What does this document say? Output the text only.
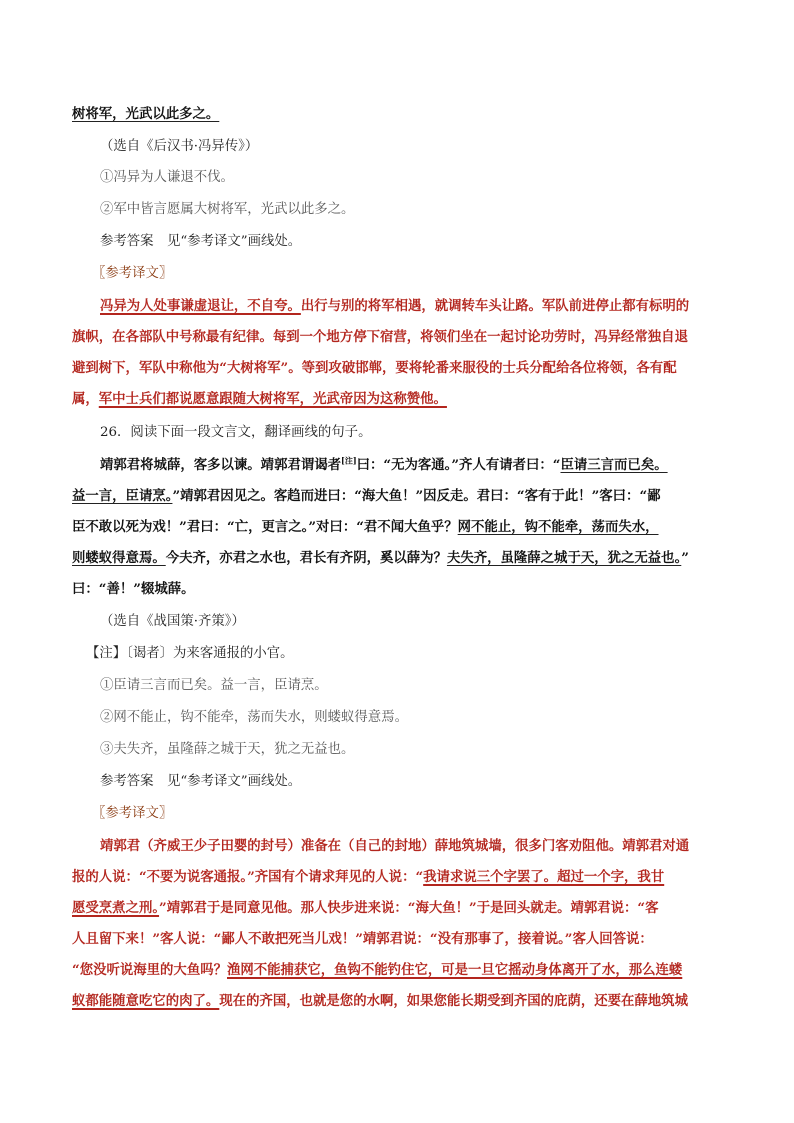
树将军，光武以此多之。
（选自《后汉书·冯异传》）
①冯异为人谦退不伐。
②军中皆言愿属大树将军，光武以此多之。
参考答案　见“参考译文”画线处。
〖参考译文〗
冯异为人处事谦虚退让，不自夸。出行与别的将军相遇，就调转车头让路。军队前进停止都有标明的
旗帜，在各部队中号称最有纪律。每到一个地方停下宿营，将领们坐在一起讨论功劳时，冯异经常独自退
避到树下，军队中称他为“大树将军”。等到攻破邯郸，要将轮番来服役的士兵分配给各位将领，各有配
属，军中士兵们都说愿意跟随大树将军，光武帝因为这称赞他。
26．阅读下面一段文言文，翻译画线的句子。
靖郭君将城薛，客多以谏。靖郭君谓谒者[注]曰：“无为客通。”齐人有请者曰：“臣请三言而已矣。
益一言，臣请烹。”靖郭君因见之。客趋而进曰：“海大鱼！”因反走。君曰：“客有于此！”客曰：“鄙
臣不敢以死为戏！”君曰：“亡，更言之。”对曰：“君不闻大鱼乎？网不能止，钩不能牵，荡而失水，
则蝼蚁得意焉。今夫齐，亦君之水也，君长有齐阴，奚以薛为？夫失齐，虽隆薛之城于天，犹之无益也。”
曰：“善！”辍城薛。
（选自《战国策·齐策》）
【注】〔谒者〕为来客通报的小官。
①臣请三言而已矣。益一言，臣请烹。
②网不能止，钩不能牵，荡而失水，则蝼蚁得意焉。
③夫失齐，虽隆薛之城于天，犹之无益也。
参考答案　见“参考译文”画线处。
〖参考译文〗
靖郭君（齐威王少子田婴的封号）准备在（自己的封地）薛地筑城墙，很多门客劝阻他。靖郭君对通
报的人说：“不要为说客通报。”齐国有个请求拜见的人说：“我请求说三个字罢了。超过一个字，我甘
愿受烹煮之刑。”靖郭君于是同意见他。那人快步进来说：“海大鱼！”于是回头就走。靖郭君说：“客
人且留下来！”客人说：“鄙人不敢把死当儿戏！”靖郭君说：“没有那事了，接着说。”客人回答说：
“您没听说海里的大鱼吗？渔网不能捕获它，鱼钩不能钓住它，可是一旦它摇动身体离开了水，那么连蝼
蚁都能随意吃它的肉了。现在的齐国，也就是您的水啊，如果您能长期受到齐国的庇荫，还要在薛地筑城
